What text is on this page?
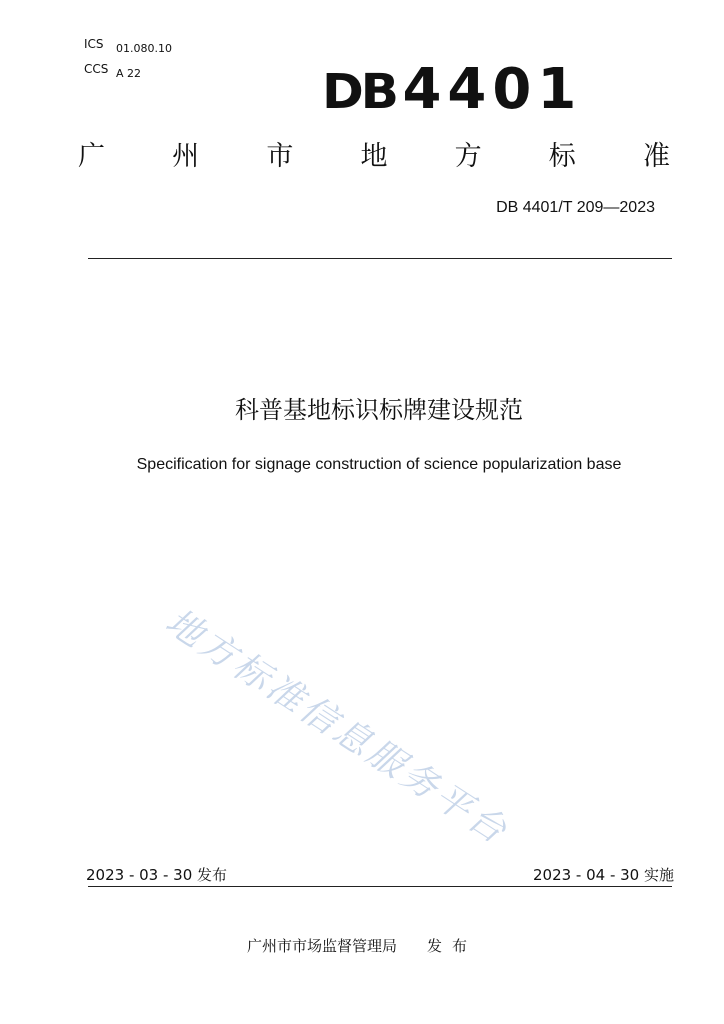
ICS 01.080.10
CCS A 22	DB 4401
广 州 市 地 方 标 准
DB 4401/T 209—2023
科普基地标识标牌建设规范
Specification for signage construction of science popularization base
地方标准信息服务平台
2023 - 03 - 30 发布	2023 - 04 - 30 实施
广州市市场监督管理局 发布
